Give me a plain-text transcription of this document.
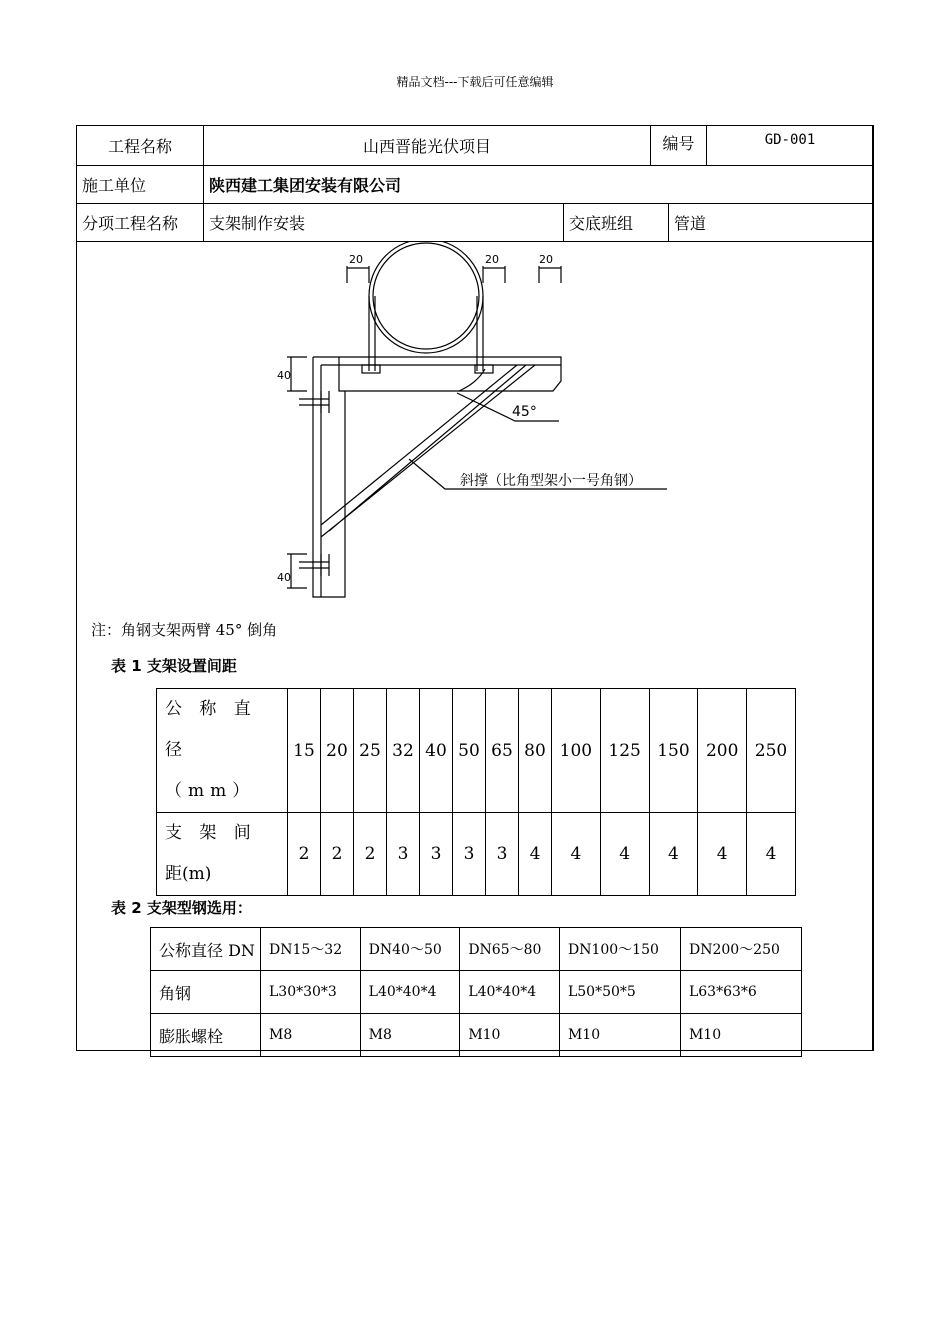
精品文档---下载后可任意编辑
工程名称	山西晋能光伏项目	编号	GD-001
施工单位	陕西建工集团安装有限公司
分项工程名称	支架制作安装	交底班组	管道
20	20	20
40
40
45°
斜撑（比角型架小一号角钢）
注：角钢支架两臂 45° 倒角
表 1 支架设置间距
公 称 直
径
（mm）	15	20	25	32	40	50	65	80	100	125	150	200	250

支 架 间
距(m)	2	2	2	3	3	3	3	4	4	4	4	4	4
表 2 支架型钢选用：
公称直径 DN	DN15～32	DN40～50	DN65～80	DN100～150	DN200～250
角钢	L30*30*3	L40*40*4	L40*40*4	L50*50*5	L63*63*6
膨胀螺栓	M8	M8	M10	M10	M10
